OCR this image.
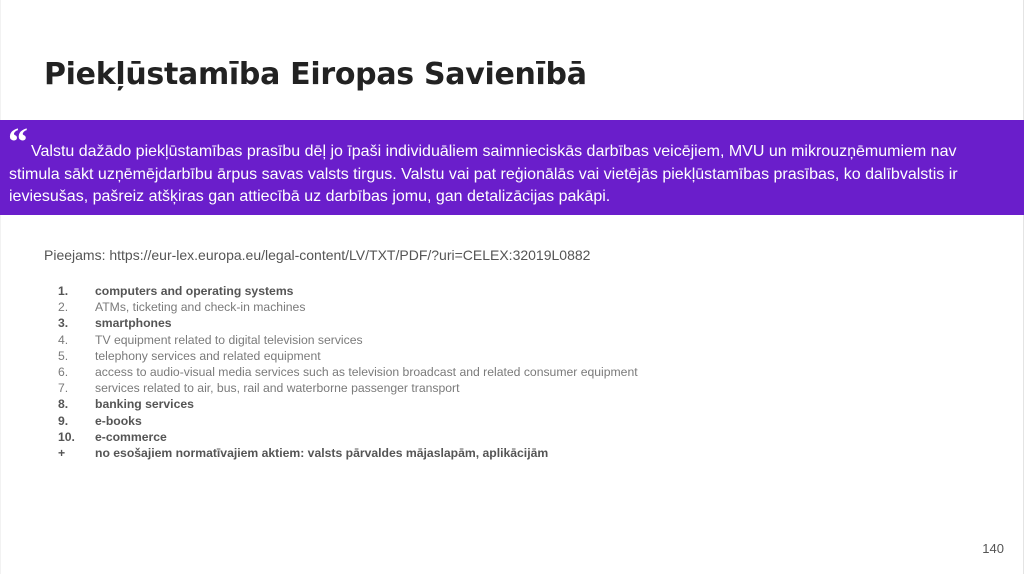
Piekļūstamība Eiropas Savienībā
“ Valstu dažādo piekļūstamības prasību dēļ jo īpaši individuāliem saimnieciskās darbības veicējiem, MVU un mikrouzņēmumiem nav stimula sākt uzņēmējdarbību ārpus savas valsts tirgus. Valstu vai pat reģionālās vai vietējās piekļūstamības prasības, ko dalībvalstis ir ieviesušas, pašreiz atšķiras gan attiecībā uz darbības jomu, gan detalizācijas pakāpi.

Pieejams: https://eur-lex.europa.eu/legal-content/LV/TXT/PDF/?uri=CELEX:32019L0882

1.	computers and operating systems
2.	ATMs, ticketing and check-in machines
3.	smartphones
4.	TV equipment related to digital television services
5.	telephony services and related equipment
6.	access to audio-visual media services such as television broadcast and related consumer equipment
7.	services related to air, bus, rail and waterborne passenger transport
8.	banking services
9.	e-books
10.	e-commerce
+	no esošajiem normatīvajiem aktiem: valsts pārvaldes mājaslapām, aplikācijām
140
